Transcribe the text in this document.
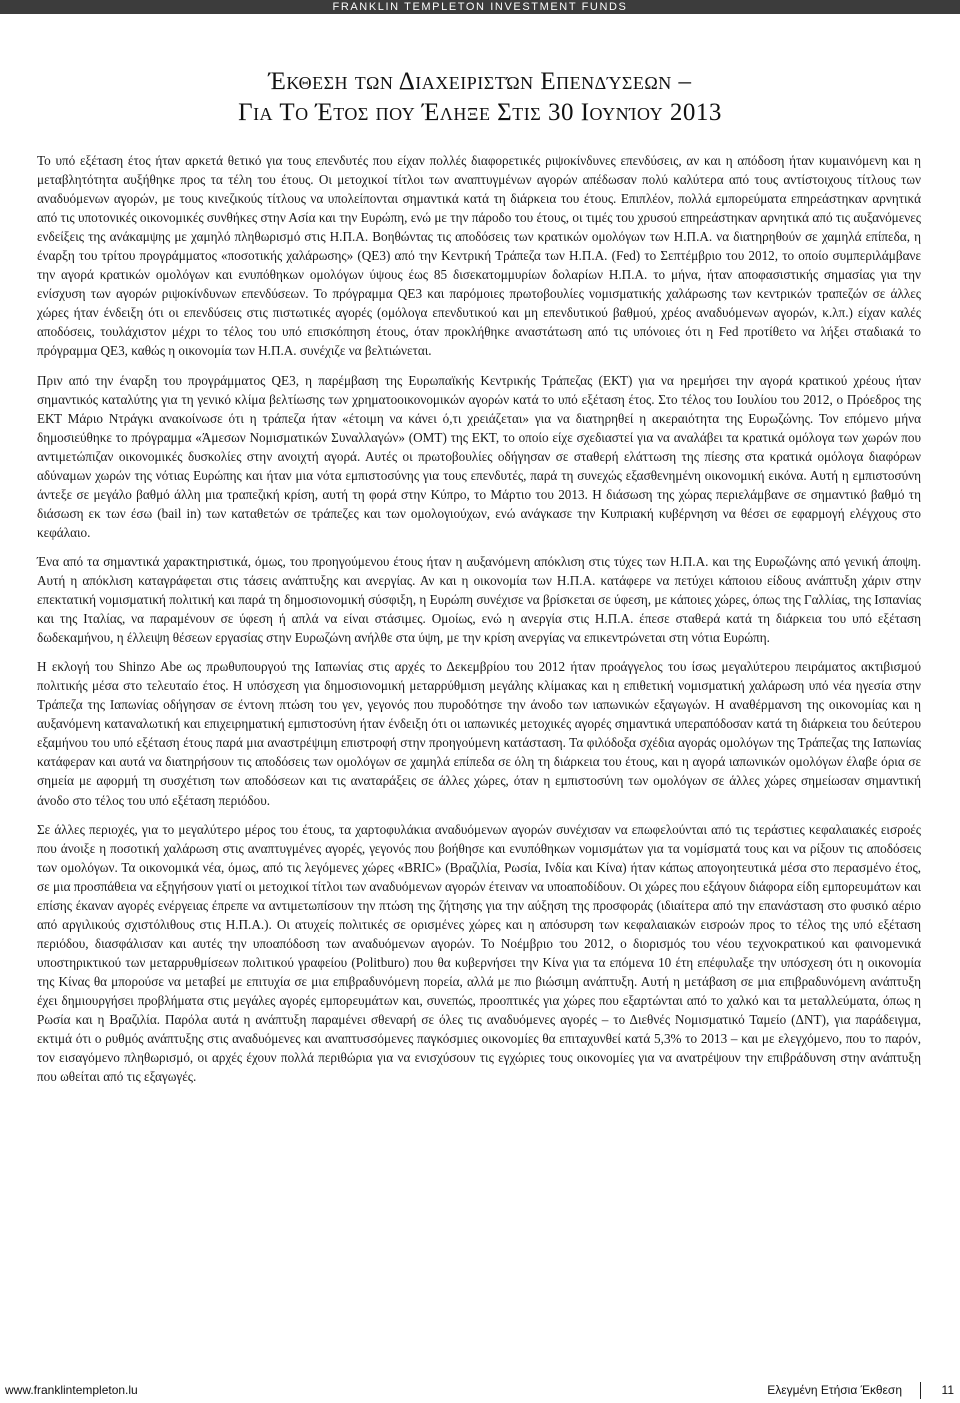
FRANKLIN TEMPLETON INVESTMENT FUNDS
Έκθεση των Διαχειριστών Επενδύσεων –
Για Το Έτος που Έληξε Στις 30 Ιουνίου 2013

Το υπό εξέταση έτος ήταν αρκετά θετικό για τους επενδυτές που είχαν πολλές διαφορετικές ριψοκίνδυνες επενδύσεις, αν και η απόδοση ήταν κυμαινόμενη και η μεταβλητότητα αυξήθηκε προς τα τέλη του έτους. Οι μετοχικοί τίτλοι των αναπτυγμένων αγορών απέδωσαν πολύ καλύτερα από τους αντίστοιχους τίτλους των αναδυόμενων αγορών, με τους κινεζικούς τίτλους να υπολείπονται σημαντικά κατά τη διάρκεια του έτους. Επιπλέον, πολλά εμπορεύματα επηρεάστηκαν αρνητικά από τις υποτονικές οικονομικές συνθήκες στην Ασία και την Ευρώπη, ενώ με την πάροδο του έτους, οι τιμές του χρυσού επηρεάστηκαν αρνητικά από τις αυξανόμενες ενδείξεις της ανάκαμψης με χαμηλό πληθωρισμό στις Η.Π.Α. Βοηθώντας τις αποδόσεις των κρατικών ομολόγων των Η.Π.Α. να διατηρηθούν σε χαμηλά επίπεδα, η έναρξη του τρίτου προγράμματος «ποσοτικής χαλάρωσης» (QE3) από την Κεντρική Τράπεζα των Η.Π.Α. (Fed) το Σεπτέμβριο του 2012, το οποίο συμπεριλάμβανε την αγορά κρατικών ομολόγων και ενυπόθηκων ομολόγων ύψους έως 85 δισεκατομμυρίων δολαρίων Η.Π.Α. το μήνα, ήταν αποφασιστικής σημασίας για την ενίσχυση των αγορών ριψοκίνδυνων επενδύσεων. Το πρόγραμμα QE3 και παρόμοιες πρωτοβουλίες νομισματικής χαλάρωσης των κεντρικών τραπεζών σε άλλες χώρες ήταν ένδειξη ότι οι επενδύσεις στις πιστωτικές αγορές (ομόλογα επενδυτικού και μη επενδυτικού βαθμού, χρέος αναδυόμενων αγορών, κ.λπ.) είχαν καλές αποδόσεις, τουλάχιστον μέχρι το τέλος του υπό επισκόπηση έτους, όταν προκλήθηκε αναστάτωση από τις υπόνοιες ότι η Fed προτίθετο να λήξει σταδιακά το πρόγραμμα QE3, καθώς η οικονομία των Η.Π.Α. συνέχιζε να βελτιώνεται.

Πριν από την έναρξη του προγράμματος QE3, η παρέμβαση της Ευρωπαϊκής Κεντρικής Τράπεζας (ΕΚΤ) για να ηρεμήσει την αγορά κρατικού χρέους ήταν σημαντικός καταλύτης για τη γενικό κλίμα βελτίωσης των χρηματοοικονομικών αγορών κατά το υπό εξέταση έτος. Στο τέλος του Ιουλίου του 2012, ο Πρόεδρος της ΕΚΤ Μάριο Ντράγκι ανακοίνωσε ότι η τράπεζα ήταν «έτοιμη να κάνει ό,τι χρειάζεται» για να διατηρηθεί η ακεραιότητα της Ευρωζώνης. Τον επόμενο μήνα δημοσιεύθηκε το πρόγραμμα «Άμεσων Νομισματικών Συναλλαγών» (ΟΜΤ) της ΕΚΤ, το οποίο είχε σχεδιαστεί για να αναλάβει τα κρατικά ομόλογα των χωρών που αντιμετώπιζαν οικονομικές δυσκολίες στην ανοιχτή αγορά. Αυτές οι πρωτοβουλίες οδήγησαν σε σταθερή ελάττωση της πίεσης στα κρατικά ομόλογα διαφόρων αδύναμων χωρών της νότιας Ευρώπης και ήταν μια νότα εμπιστοσύνης για τους επενδυτές, παρά τη συνεχώς εξασθενημένη οικονομική εικόνα. Αυτή η εμπιστοσύνη άντεξε σε μεγάλο βαθμό άλλη μια τραπεζική κρίση, αυτή τη φορά στην Κύπρο, το Μάρτιο του 2013. Η διάσωση της χώρας περιελάμβανε σε σημαντικό βαθμό τη διάσωση εκ των έσω (bail in) των καταθετών σε τράπεζες και των ομολογιούχων, ενώ ανάγκασε την Κυπριακή κυβέρνηση να θέσει σε εφαρμογή ελέγχους στο κεφάλαιο.

Ένα από τα σημαντικά χαρακτηριστικά, όμως, του προηγούμενου έτους ήταν η αυξανόμενη απόκλιση στις τύχες των Η.Π.Α. και της Ευρωζώνης από γενική άποψη. Αυτή η απόκλιση καταγράφεται στις τάσεις ανάπτυξης και ανεργίας. Αν και η οικονομία των Η.Π.Α. κατάφερε να πετύχει κάποιου είδους ανάπτυξη χάριν στην επεκτατική νομισματική πολιτική και παρά τη δημοσιονομική σύσφιξη, η Ευρώπη συνέχισε να βρίσκεται σε ύφεση, με κάποιες χώρες, όπως της Γαλλίας, της Ισπανίας και της Ιταλίας, να παραμένουν σε ύφεση ή απλά να είναι στάσιμες. Ομοίως, ενώ η ανεργία στις Η.Π.Α. έπεσε σταθερά κατά τη διάρκεια του υπό εξέταση δωδεκαμήνου, η έλλειψη θέσεων εργασίας στην Ευρωζώνη ανήλθε στα ύψη, με την κρίση ανεργίας να επικεντρώνεται στη νότια Ευρώπη.

Η εκλογή του Shinzo Abe ως πρωθυπουργού της Ιαπωνίας στις αρχές το Δεκεμβρίου του 2012 ήταν προάγγελος του ίσως μεγαλύτερου πειράματος ακτιβισμού πολιτικής μέσα στο τελευταίο έτος. Η υπόσχεση για δημοσιονομική μεταρρύθμιση μεγάλης κλίμακας και η επιθετική νομισματική χαλάρωση υπό νέα ηγεσία στην Τράπεζα της Ιαπωνίας οδήγησαν σε έντονη πτώση του γεν, γεγονός που πυροδότησε την άνοδο των ιαπωνικών εξαγωγών. Η αναθέρμανση της οικονομίας και η αυξανόμενη καταναλωτική και επιχειρηματική εμπιστοσύνη ήταν ένδειξη ότι οι ιαπωνικές μετοχικές αγορές σημαντικά υπεραπόδοσαν κατά τη διάρκεια του δεύτερου εξαμήνου του υπό εξέταση έτους παρά μια αναστρέψιμη επιστροφή στην προηγούμενη κατάσταση. Τα φιλόδοξα σχέδια αγοράς ομολόγων της Τράπεζας της Ιαπωνίας κατάφεραν και αυτά να διατηρήσουν τις αποδόσεις των ομολόγων σε χαμηλά επίπεδα σε όλη τη διάρκεια του έτους, και η αγορά ιαπωνικών ομολόγων έλαβε όρια σε σημεία με αφορμή τη συσχέτιση των αποδόσεων και τις αναταράξεις σε άλλες χώρες, όταν η εμπιστοσύνη των ομολόγων σε άλλες χώρες σημείωσαν σημαντική άνοδο στο τέλος του υπό εξέταση περιόδου.

Σε άλλες περιοχές, για το μεγαλύτερο μέρος του έτους, τα χαρτοφυλάκια αναδυόμενων αγορών συνέχισαν να επωφελούνται από τις τεράστιες κεφαλαιακές εισροές που άνοιξε η ποσοτική χαλάρωση στις αναπτυγμένες αγορές, γεγονός που βοήθησε και ενυπόθηκων νομισμάτων για τα νομίσματά τους και να ρίξουν τις αποδόσεις των ομολόγων. Τα οικονομικά νέα, όμως, από τις λεγόμενες χώρες «BRIC» (Βραζιλία, Ρωσία, Ινδία και Κίνα) ήταν κάπως απογοητευτικά μέσα στο περασμένο έτος, σε μια προσπάθεια να εξηγήσουν γιατί οι μετοχικοί τίτλοι των αναδυόμενων αγορών έτειναν να υποαποδίδουν. Οι χώρες που εξάγουν διάφορα είδη εμπορευμάτων και επίσης έκαναν αγορές ενέργειας έπρεπε να αντιμετωπίσουν την πτώση της ζήτησης για την αύξηση της προσφοράς (ιδιαίτερα από την επανάσταση στο φυσικό αέριο από αργιλικούς σχιστόλιθους στις Η.Π.Α.). Οι ατυχείς πολιτικές σε ορισμένες χώρες και η απόσυρση των κεφαλαιακών εισροών προς το τέλος της υπό εξέταση περιόδου, διασφάλισαν και αυτές την υποαπόδοση των αναδυόμενων αγορών. Το Νοέμβριο του 2012, ο διορισμός του νέου τεχνοκρατικού και φαινομενικά υποστηρικτικού των μεταρρυθμίσεων πολιτικού γραφείου (Politburo) που θα κυβερνήσει την Κίνα για τα επόμενα 10 έτη επέφυλαξε την υπόσχεση ότι η οικονομία της Κίνας θα μπορούσε να μεταβεί με επιτυχία σε μια επιβραδυνόμενη πορεία, αλλά με πιο βιώσιμη ανάπτυξη. Αυτή η μετάβαση σε μια επιβραδυνόμενη ανάπτυξη έχει δημιουργήσει προβλήματα στις μεγάλες αγορές εμπορευμάτων και, συνεπώς, προοπτικές για χώρες που εξαρτώνται από το χαλκό και τα μεταλλεύματα, όπως η Ρωσία και η Βραζιλία. Παρόλα αυτά η ανάπτυξη παραμένει σθεναρή σε όλες τις αναδυόμενες αγορές – το Διεθνές Νομισματικό Ταμείο (ΔΝΤ), για παράδειγμα, εκτιμά ότι ο ρυθμός ανάπτυξης στις αναδυόμενες και αναπτυσσόμενες παγκόσμιες οικονομίες θα επιταχυνθεί κατά 5,3% το 2013 – και με ελεγχόμενο, που το παρόν, τον εισαγόμενο πληθωρισμό, οι αρχές έχουν πολλά περιθώρια για να ενισχύσουν τις εγχώριες τους οικονομίες για να ανατρέψουν την επιβράδυνση στην ανάπτυξη που ωθείται από τις εξαγωγές.

www.franklintempleton.lu	Ελεγμένη Ετήσια Έκθεση	11
